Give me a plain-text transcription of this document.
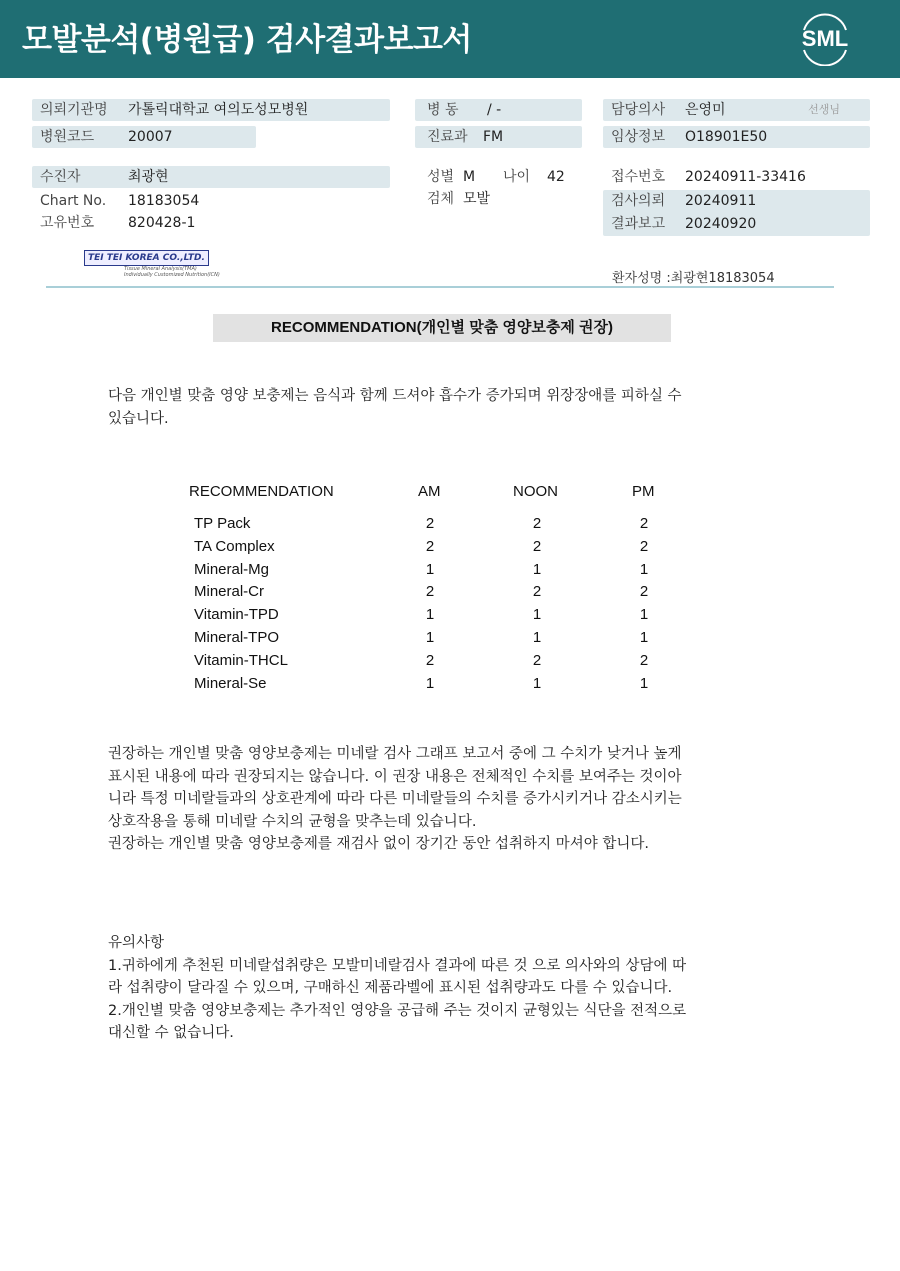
모발분석(병원급) 검사결과보고서	SML
의뢰기관명 가톨릭대학교 여의도성모병원
병원코드 20007
수진자	최광현
Chart No. 18183054
고유번호 820428-1
병 동 / -
진료과 FM
성별 M 나이 42
검체 모발
담당의사 은영미	선생님
임상정보 O18901E50
접수번호 20240911-33416
검사의뢰 20240911
결과보고 20240920
TEI TEI KOREA CO.,LTD.
Tissue Mineral Analysis(TMA)
Individually Customized Nutrition(ICN)	환자성명 :최광현18183054
RECOMMENDATION(개인별 맞춤 영양보충제 권장)
다음 개인별 맞춤 영양 보충제는 음식과 함께 드셔야 흡수가 증가되며 위장장애를 피하실 수
있습니다.
RECOMMENDATION	AM	NOON	PM
TP Pack	2	2	2
TA Complex	2	2	2
Mineral-Mg	1	1	1
Mineral-Cr	2	2	2
Vitamin-TPD	1	1	1
Mineral-TPO	1	1	1
Vitamin-THCL	2	2	2
Mineral-Se	1	1	1
권장하는 개인별 맞춤 영양보충제는 미네랄 검사 그래프 보고서 중에 그 수치가 낮거나 높게
표시된 내용에 따라 권장되지는 않습니다. 이 권장 내용은 전체적인 수치를 보여주는 것이아
니라 특정 미네랄들과의 상호관계에 따라 다른 미네랄들의 수치를 증가시키거나 감소시키는
상호작용을 통해 미네랄 수치의 균형을 맞추는데 있습니다.
권장하는 개인별 맞춤 영양보충제를 재검사 없이 장기간 동안 섭취하지 마셔야 합니다.
유의사항
1.귀하에게 추천된 미네랄섭취량은 모발미네랄검사 결과에 따른 것 으로 의사와의 상담에 따
라 섭취량이 달라질 수 있으며, 구매하신 제품라벨에 표시된 섭취량과도 다를 수 있습니다.
2.개인별 맞춤 영양보충제는 추가적인 영양을 공급해 주는 것이지 균형있는 식단을 전적으로
대신할 수 없습니다.
